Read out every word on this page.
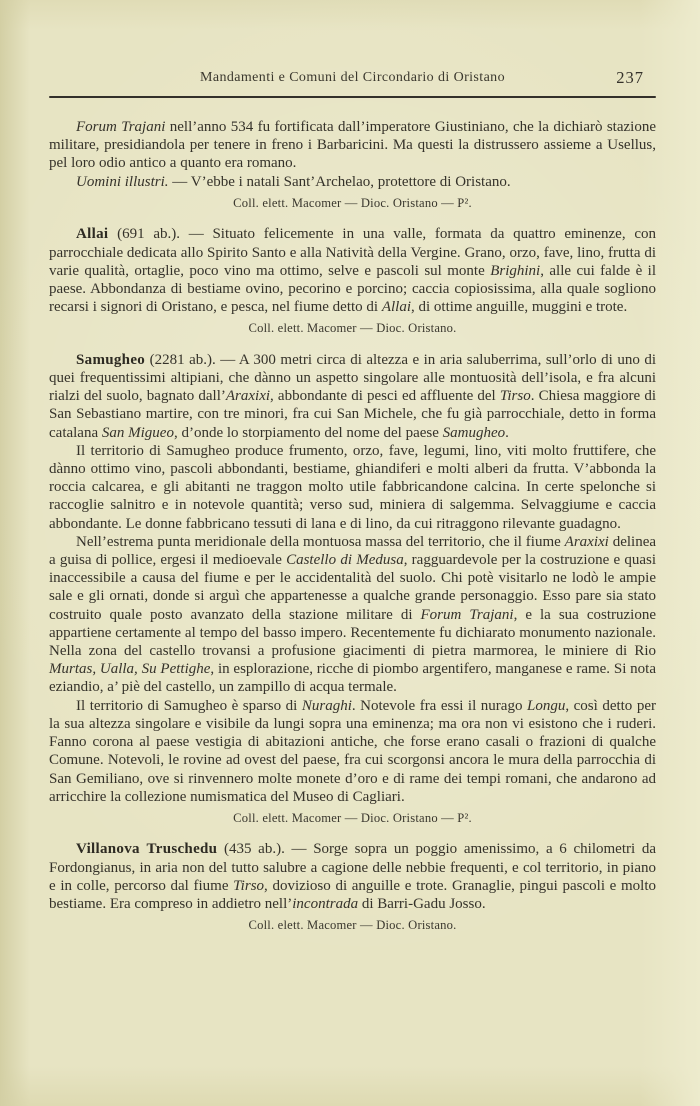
Mandamenti e Comuni del Circondario di Oristano	237

Forum Trajani nell’anno 534 fu fortificata dall’imperatore Giustiniano, che la dichiarò stazione militare, presidiandola per tenere in freno i Barbaricini. Ma questi la distrussero assieme a Usellus, pel loro odio antico a quanto era romano.

Uomini illustri. — V’ebbe i natali Sant’Archelao, protettore di Oristano.

Coll. elett. Macomer — Dioc. Oristano — P².

Allai (691 ab.). — Situato felicemente in una valle, formata da quattro eminenze, con parrocchiale dedicata allo Spirito Santo e alla Natività della Vergine. Grano, orzo, fave, lino, frutta di varie qualità, ortaglie, poco vino ma ottimo, selve e pascoli sul monte Brighini, alle cui falde è il paese. Abbondanza di bestiame ovino, pecorino e porcino; caccia copiosissima, alla quale sogliono recarsi i signori di Oristano, e pesca, nel fiume detto di Allai, di ottime anguille, muggini e trote.

Coll. elett. Macomer — Dioc. Oristano.

Samugheo (2281 ab.). — A 300 metri circa di altezza e in aria saluberrima, sull’orlo di uno di quei frequentissimi altipiani, che dànno un aspetto singolare alle montuosità dell’isola, e fra alcuni rialzi del suolo, bagnato dall’Araxixi, abbondante di pesci ed affluente del Tirso. Chiesa maggiore di San Sebastiano martire, con tre minori, fra cui San Michele, che fu già parrocchiale, detto in forma catalana San Migueo, d’onde lo storpiamento del nome del paese Samugheo.

Il territorio di Samugheo produce frumento, orzo, fave, legumi, lino, viti molto fruttifere, che dànno ottimo vino, pascoli abbondanti, bestiame, ghiandiferi e molti alberi da frutta. V’abbonda la roccia calcarea, e gli abitanti ne traggon molto utile fabbricandone calcina. In certe spelonche si raccoglie salnitro e in notevole quantità; verso sud, miniera di salgemma. Selvaggiume e caccia abbondante. Le donne fabbricano tessuti di lana e di lino, da cui ritraggono rilevante guadagno.

Nell’estrema punta meridionale della montuosa massa del territorio, che il fiume Araxixi delinea a guisa di pollice, ergesi il medioevale Castello di Medusa, ragguardevole per la costruzione e quasi inaccessibile a causa del fiume e per le accidentalità del suolo. Chi potè visitarlo ne lodò le ampie sale e gli ornati, donde si arguì che appartenesse a qualche grande personaggio. Esso pare sia stato costruito quale posto avanzato della stazione militare di Forum Trajani, e la sua costruzione appartiene certamente al tempo del basso impero. Recentemente fu dichiarato monumento nazionale. Nella zona del castello trovansi a profusione giacimenti di pietra marmorea, le miniere di Rio Murtas, Ualla, Su Pettighe, in esplorazione, ricche di piombo argentifero, manganese e rame. Si nota eziandio, a’ piè del castello, un zampillo di acqua termale.

Il territorio di Samugheo è sparso di Nuraghi. Notevole fra essi il nurago Longu, così detto per la sua altezza singolare e visibile da lungi sopra una eminenza; ma ora non vi esistono che i ruderi. Fanno corona al paese vestigia di abitazioni antiche, che forse erano casali o frazioni di qualche Comune. Notevoli, le rovine ad ovest del paese, fra cui scorgonsi ancora le mura della parrocchia di San Gemiliano, ove si rinvennero molte monete d’oro e di rame dei tempi romani, che andarono ad arricchire la collezione numismatica del Museo di Cagliari.

Coll. elett. Macomer — Dioc. Oristano — P².

Villanova Truschedu (435 ab.). — Sorge sopra un poggio amenissimo, a 6 chilometri da Fordongianus, in aria non del tutto salubre a cagione delle nebbie frequenti, e col territorio, in piano e in colle, percorso dal fiume Tirso, dovizioso di anguille e trote. Granaglie, pingui pascoli e molto bestiame. Era compreso in addietro nell’incontrada di Barri-Gadu Josso.

Coll. elett. Macomer — Dioc. Oristano.
